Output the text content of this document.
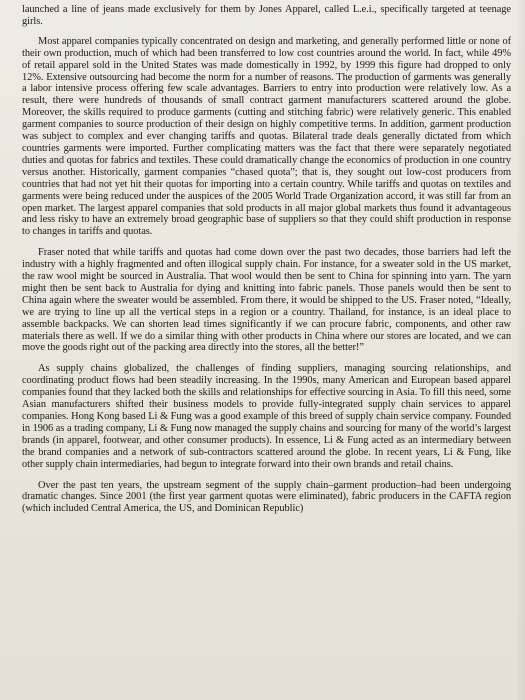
launched a line of jeans made exclusively for them by Jones Apparel, called L.e.i., specifically targeted at teenage girls.

Most apparel companies typically concentrated on design and marketing, and generally performed little or none of their own production, much of which had been transferred to low cost countries around the world. In fact, while 49% of retail apparel sold in the United States was made domestically in 1992, by 1999 this figure had dropped to only 12%. Extensive outsourcing had become the norm for a number of reasons. The production of garments was generally a labor intensive process offering few scale advantages. Barriers to entry into production were relatively low. As a result, there were hundreds of thousands of small contract garment manufacturers scattered around the globe. Moreover, the skills required to produce garments (cutting and stitching fabric) were relatively generic. This enabled garment companies to source production of their design on highly competitive terms. In addition, garment production was subject to complex and ever changing tariffs and quotas. Bilateral trade deals generally dictated from which countries garments were imported. Further complicating matters was the fact that there were separately negotiated duties and quotas for fabrics and textiles. These could dramatically change the economics of production in one country versus another. Historically, garment companies “chased quota”; that is, they sought out low-cost producers from countries that had not yet hit their quotas for importing into a certain country. While tariffs and quotas on textiles and garments were being reduced under the auspices of the 2005 World Trade Organization accord, it was still far from an open market. The largest apparel companies that sold products in all major global markets thus found it advantageous and less risky to have an extremely broad geographic base of suppliers so that they could shift production in response to changes in tariffs and quotas.

Fraser noted that while tariffs and quotas had come down over the past two decades, those barriers had left the industry with a highly fragmented and often illogical supply chain. For instance, for a sweater sold in the US market, the raw wool might be sourced in Australia. That wool would then be sent to China for spinning into yarn. The yarn might then be sent back to Australia for dying and knitting into fabric panels. Those panels would then be sent to China again where the sweater would be assembled. From there, it would be shipped to the US. Fraser noted, “Ideally, we are trying to line up all the vertical steps in a region or a country. Thailand, for instance, is an ideal place to assemble backpacks. We can shorten lead times significantly if we can procure fabric, components, and other raw materials there as well. If we do a similar thing with other products in China where our stores are located, and we can move the goods right out of the packing area directly into the stores, all the better!”

As supply chains globalized, the challenges of finding suppliers, managing sourcing relationships, and coordinating product flows had been steadily increasing. In the 1990s, many American and European based apparel companies found that they lacked both the skills and relationships for effective sourcing in Asia. To fill this need, some Asian manufacturers shifted their business models to provide fully-integrated supply chain services to apparel companies. Hong Kong based Li & Fung was a good example of this breed of supply chain service company. Founded in 1906 as a trading company, Li & Fung now managed the supply chains and sourcing for many of the world’s largest brands (in apparel, footwear, and other consumer products). In essence, Li & Fung acted as an intermediary between the brand companies and a network of sub-contractors scattered around the globe. In recent years, Li & Fung, like other supply chain intermediaries, had begun to integrate forward into their own brands and retail chains.

Over the past ten years, the upstream segment of the supply chain–garment production–had been undergoing dramatic changes. Since 2001 (the first year garment quotas were eliminated), fabric producers in the CAFTA region (which included Central America, the US, and Dominican Republic)
